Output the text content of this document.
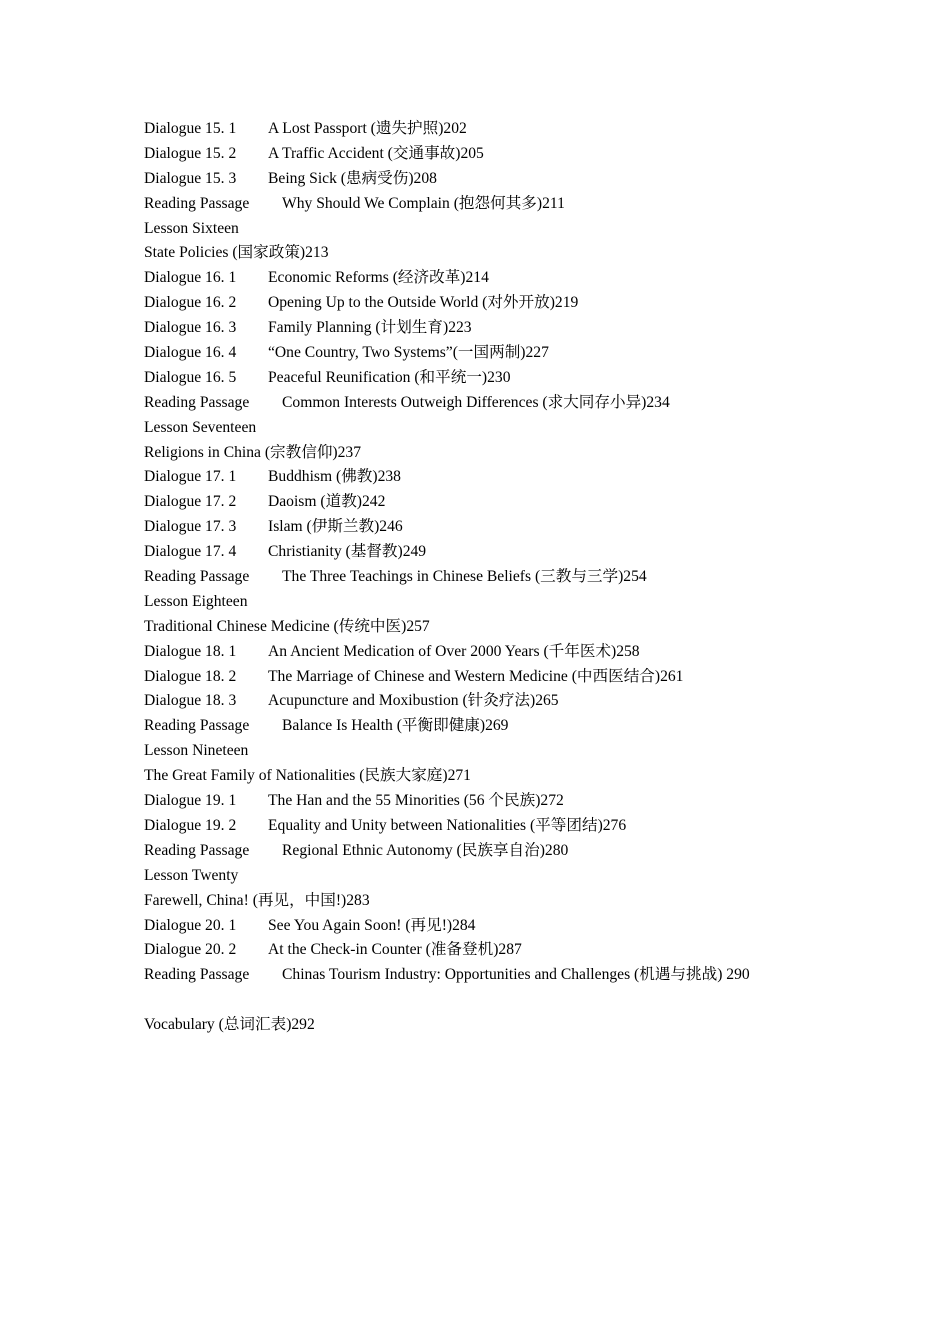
Dialogue 15. 1 A Lost Passport (遗失护照)202
Dialogue 15. 2 A Traffic Accident (交通事故)205
Dialogue 15. 3 Being Sick (患病受伤)208
Reading Passage Why Should We Complain (抱怨何其多)211
Lesson Sixteen
State Policies (国家政策)213
Dialogue 16. 1 Economic Reforms (经济改革)214
Dialogue 16. 2 Opening Up to the Outside World (对外开放)219
Dialogue 16. 3 Family Planning (计划生育)223
Dialogue 16. 4 “One Country, Two Systems”(一国两制)227
Dialogue 16. 5 Peaceful Reunification (和平统一)230
Reading Passage Common Interests Outweigh Differences (求大同存小异)234
Lesson Seventeen
Religions in China (宗教信仰)237
Dialogue 17. 1 Buddhism (佛教)238
Dialogue 17. 2 Daoism (道教)242
Dialogue 17. 3 Islam (伊斯兰教)246
Dialogue 17. 4 Christianity (基督教)249
Reading Passage The Three Teachings in Chinese Beliefs (三教与三学)254
Lesson Eighteen
Traditional Chinese Medicine (传统中医)257
Dialogue 18. 1 An Ancient Medication of Over 2000 Years (千年医术)258
Dialogue 18. 2 The Marriage of Chinese and Western Medicine (中西医结合)261
Dialogue 18. 3 Acupuncture and Moxibustion (针灸疗法)265
Reading Passage Balance Is Health (平衡即健康)269
Lesson Nineteen
The Great Family of Nationalities (民族大家庭)271
Dialogue 19. 1 The Han and the 55 Minorities (56 个民族)272
Dialogue 19. 2 Equality and Unity between Nationalities (平等团结)276
Reading Passage Regional Ethnic Autonomy (民族享自治)280
Lesson Twenty
Farewell, China! (再见，中国!)283
Dialogue 20. 1 See You Again Soon! (再见!)284
Dialogue 20. 2 At the Check-in Counter (准备登机)287
Reading Passage Chinas Tourism Industry: Opportunities and Challenges (机遇与挑战) 290
Vocabulary (总词汇表)292
